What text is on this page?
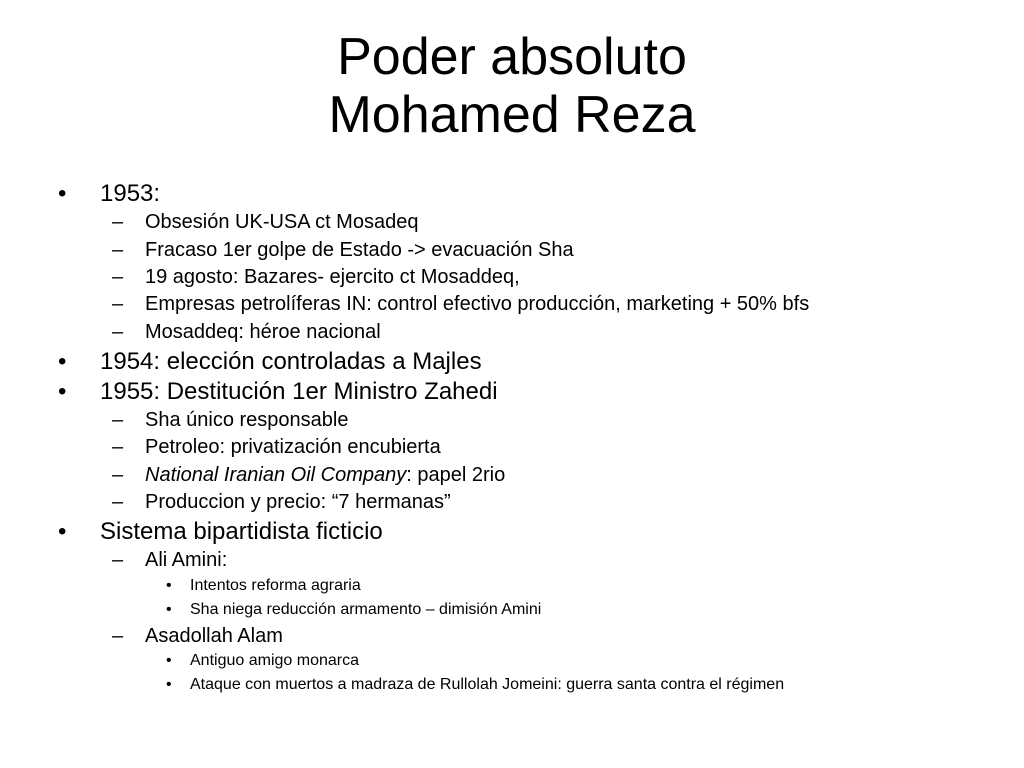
Poder absoluto
Mohamed Reza
• 1953:
– Obsesión UK-USA ct Mosadeq
– Fracaso 1er golpe de Estado -> evacuación Sha
– 19 agosto: Bazares- ejercito ct Mosaddeq,
– Empresas petrolíferas IN: control efectivo producción, marketing + 50% bfs
– Mosaddeq: héroe nacional
• 1954: elección controladas a Majles
• 1955: Destitución 1er Ministro Zahedi
– Sha único responsable
– Petroleo: privatización encubierta
– National Iranian Oil Company: papel 2rio
– Produccion y precio: “7 hermanas”
• Sistema bipartidista ficticio
– Ali Amini:
• Intentos reforma agraria
• Sha niega reducción armamento – dimisión Amini
– Asadollah Alam
• Antiguo amigo monarca
• Ataque con muertos a madraza de Rullolah Jomeini: guerra santa contra el régimen
